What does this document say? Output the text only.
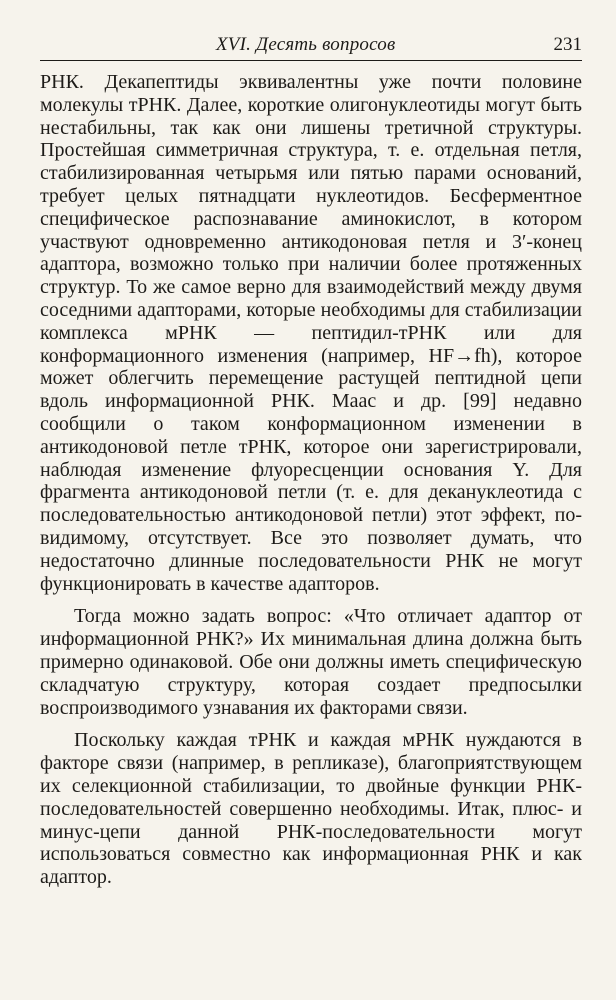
XVI. Десять вопросов	231

РНК. Декапептиды эквивалентны уже почти половине молекулы тРНК. Далее, короткие олигонуклеотиды могут быть нестабильны, так как они лишены третичной структуры. Простейшая симметричная структура, т. е. отдельная петля, стабилизированная четырьмя или пятью парами оснований, требует целых пятнадцати нуклеотидов. Бесферментное специфическое распознавание аминокислот, в котором участвуют одновременно антикодоновая петля и 3′-конец адаптора, возможно только при наличии более протяженных структур. То же самое верно для взаимодействий между двумя соседними адапторами, которые необходимы для стабилизации комплекса мРНК — пептидил-тРНК или для конформационного изменения (например, HF→fh), которое может облегчить перемещение растущей пептидной цепи вдоль информационной РНК. Маас и др. [99] недавно сообщили о таком конформационном изменении в антикодоновой петле тРНК, которое они зарегистрировали, наблюдая изменение флуоресценции основания Y. Для фрагмента антикодоновой петли (т. е. для декануклеотида с последовательностью антикодоновой петли) этот эффект, по-видимому, отсутствует. Все это позволяет думать, что недостаточно длинные последовательности РНК не могут функционировать в качестве адапторов.

Тогда можно задать вопрос: «Что отличает адаптор от информационной РНК?» Их минимальная длина должна быть примерно одинаковой. Обе они должны иметь специфическую складчатую структуру, которая создает предпосылки воспроизводимого узнавания их факторами связи.

Поскольку каждая тРНК и каждая мРНК нуждаются в факторе связи (например, в репликазе), благоприятствующем их селекционной стабилизации, то двойные функции РНК-последовательностей совершенно необходимы. Итак, плюс- и минус-цепи данной РНК-последовательности могут использоваться совместно как информационная РНК и как адаптор.
